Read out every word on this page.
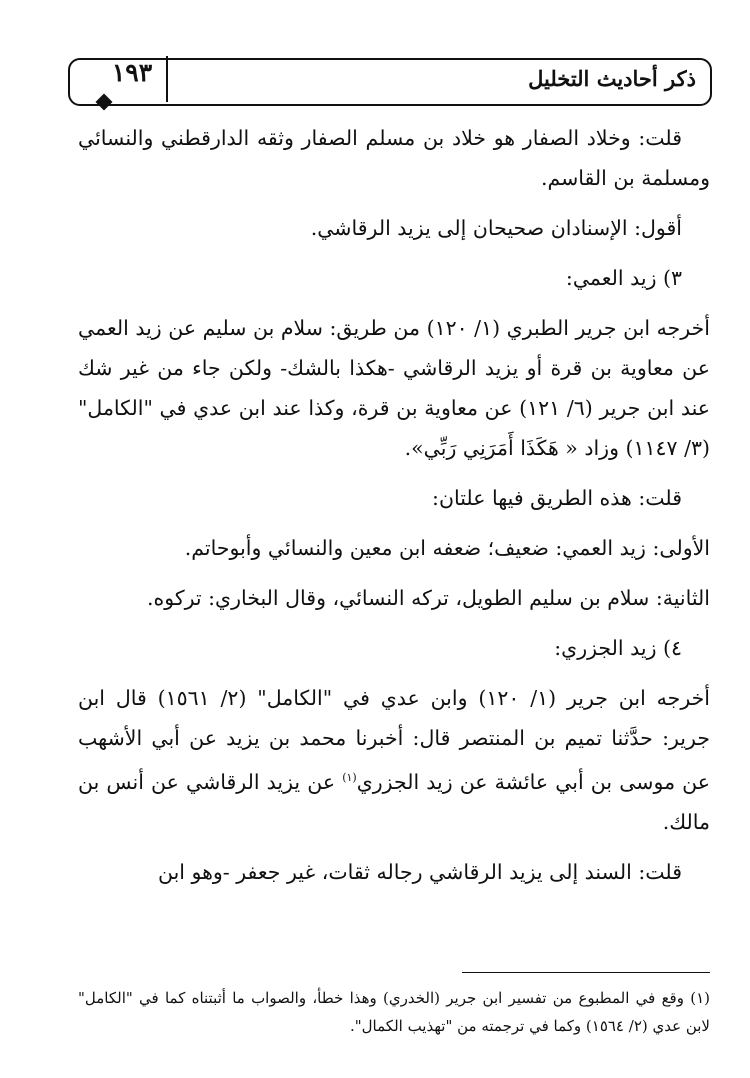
ذكر أحاديث التخليل
١٩٣

قلت: وخلاد الصفار هو خلاد بن مسلم الصفار وثقه الدارقطني والنسائي ومسلمة بن القاسم.

أقول: الإسنادان صحيحان إلى يزيد الرقاشي.

٣) زيد العمي:

أخرجه ابن جرير الطبري (١/ ١٢٠) من طريق: سلام بن سليم عن زيد العمي عن معاوية بن قرة أو يزيد الرقاشي -هكذا بالشك- ولكن جاء من غير شك عند ابن جرير (٦/ ١٢١) عن معاوية بن قرة، وكذا عند ابن عدي في "الكامل" (٣/ ١١٤٧) وزاد « هَكَذَا أَمَرَنِي رَبِّي».

قلت: هذه الطريق فيها علتان:

الأولى: زيد العمي: ضعيف؛ ضعفه ابن معين والنسائي وأبوحاتم.

الثانية: سلام بن سليم الطويل، تركه النسائي، وقال البخاري: تركوه.

٤) زيد الجزري:

أخرجه ابن جرير (١/ ١٢٠) وابن عدي في "الكامل" (٢/ ١٥٦١) قال ابن جرير: حدَّثنا تميم بن المنتصر قال: أخبرنا محمد بن يزيد عن أبي الأشهب عن موسى بن أبي عائشة عن زيد الجزري$^{(١)}$ عن يزيد الرقاشي عن أنس بن مالك.

قلت: السند إلى يزيد الرقاشي رجاله ثقات، غير جعفر -وهو ابن

(١) وقع في المطبوع من تفسير ابن جرير (الخدري) وهذا خطأ، والصواب ما أثبتناه كما في "الكامل" لابن عدي (٢/ ١٥٦٤) وكما في ترجمته من "تهذيب الكمال".
